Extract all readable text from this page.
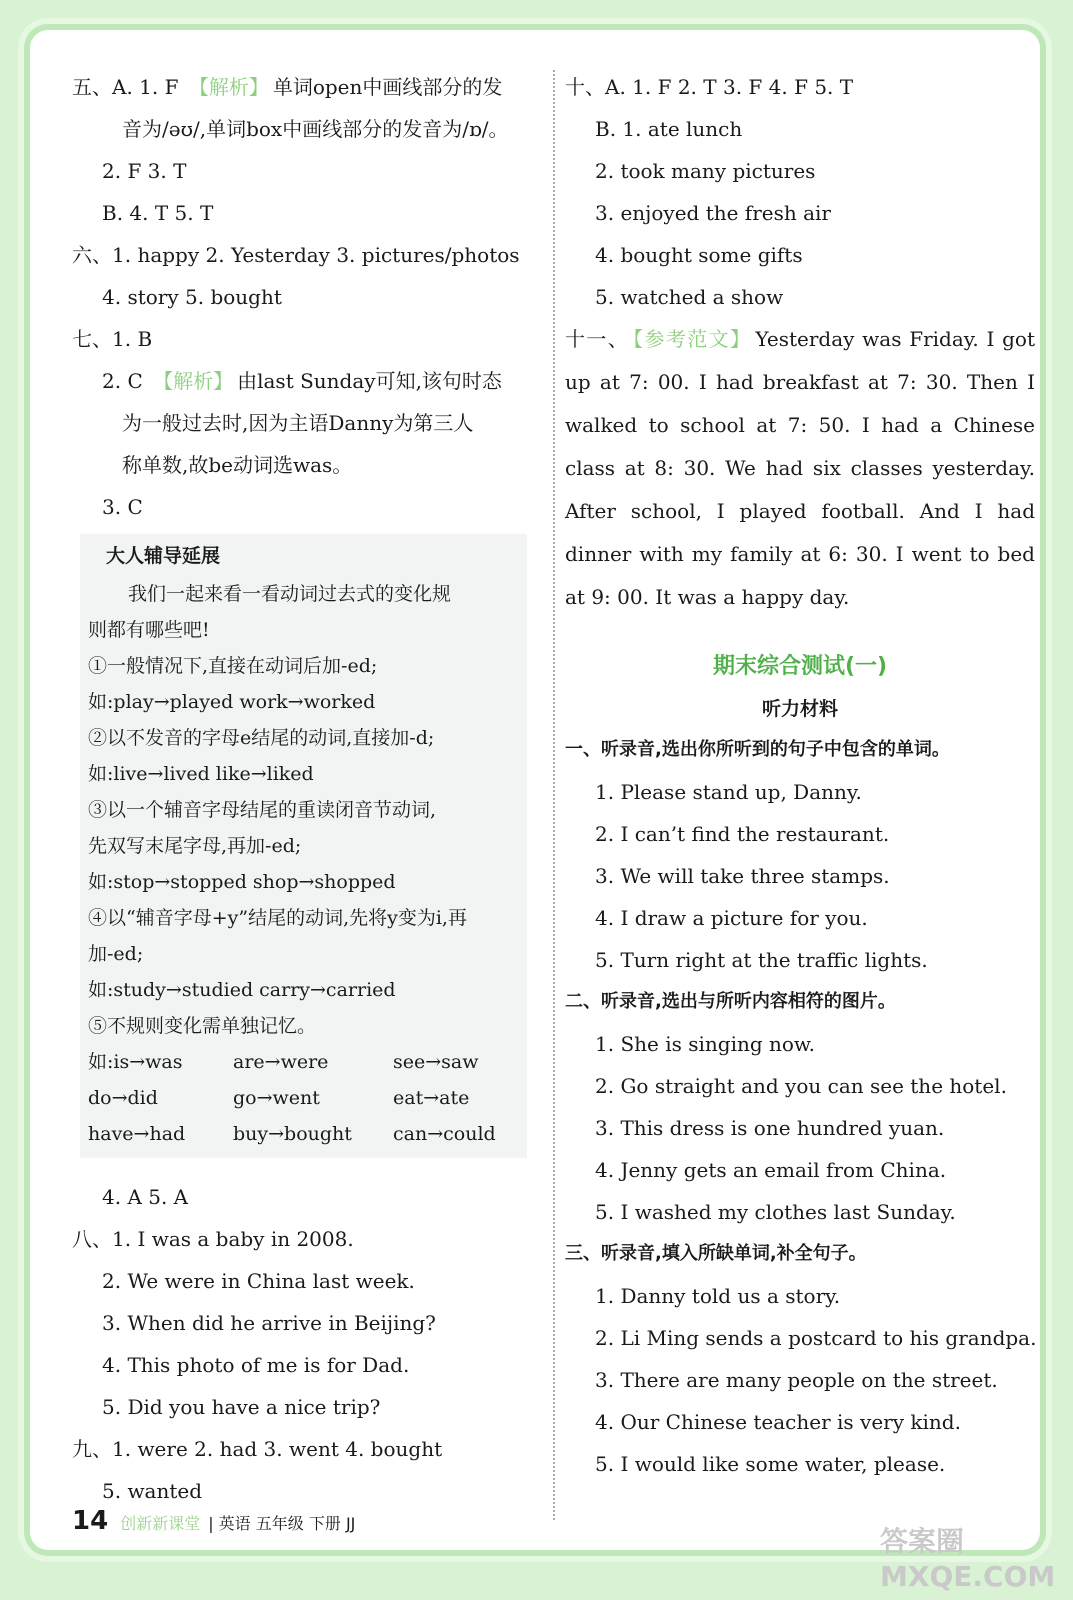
五、A. 1. F 【解析】 单词open中画线部分的发
音为/əʊ/,单词box中画线部分的发音为/ɒ/。
2. F 3. T
B. 4. T 5. T
六、1. happy 2. Yesterday 3. pictures/photos
4. story 5. bought
七、1. B
2. C 【解析】 由last Sunday可知,该句时态
为一般过去时,因为主语Danny为第三人
称单数,故be动词选was。
3. C
大人辅导延展
我们一起来看一看动词过去式的变化规
则都有哪些吧!
①一般情况下,直接在动词后加-ed;
如:play→played work→worked
②以不发音的字母e结尾的动词,直接加-d;
如:live→lived like→liked
③以一个辅音字母结尾的重读闭音节动词,
先双写末尾字母,再加-ed;
如:stop→stopped shop→shopped
④以“辅音字母+y”结尾的动词,先将y变为i,再
加-ed;
如:study→studied carry→carried
⑤不规则变化需单独记忆。
如:is→was	are→were	see→saw
do→did	go→went	eat→ate
have→had	buy→bought	can→could
4. A 5. A
八、1. I was a baby in 2008.
2. We were in China last week.
3. When did he arrive in Beijing?
4. This photo of me is for Dad.
5. Did you have a nice trip?
九、1. were 2. had 3. went 4. bought
5. wanted
十、A. 1. F 2. T 3. F 4. F 5. T
B. 1. ate lunch
2. took many pictures
3. enjoyed the fresh air
4. bought some gifts
5. watched a show
十一、 【参考范文】 Yesterday was Friday. I got up at 7: 00. I had breakfast at 7: 30. Then I walked to school at 7: 50. I had a Chinese class at 8: 30. We had six classes yesterday. After school, I played football. And I had dinner with my family at 6: 30. I went to bed at 9: 00. It was a happy day.
期末综合测试(一)
听力材料
一、听录音,选出你所听到的句子中包含的单词。
1. Please stand up, Danny.
2. I can’t find the restaurant.
3. We will take three stamps.
4. I draw a picture for you.
5. Turn right at the traffic lights.
二、听录音,选出与所听内容相符的图片。
1. She is singing now.
2. Go straight and you can see the hotel.
3. This dress is one hundred yuan.
4. Jenny gets an email from China.
5. I washed my clothes last Sunday.
三、听录音,填入所缺单词,补全句子。
1. Danny told us a story.
2. Li Ming sends a postcard to his grandpa.
3. There are many people on the street.
4. Our Chinese teacher is very kind.
5. I would like some water, please.
14 创新新课堂 | 英语 五年级 下册 JJ
答案圈 MXQE.COM
